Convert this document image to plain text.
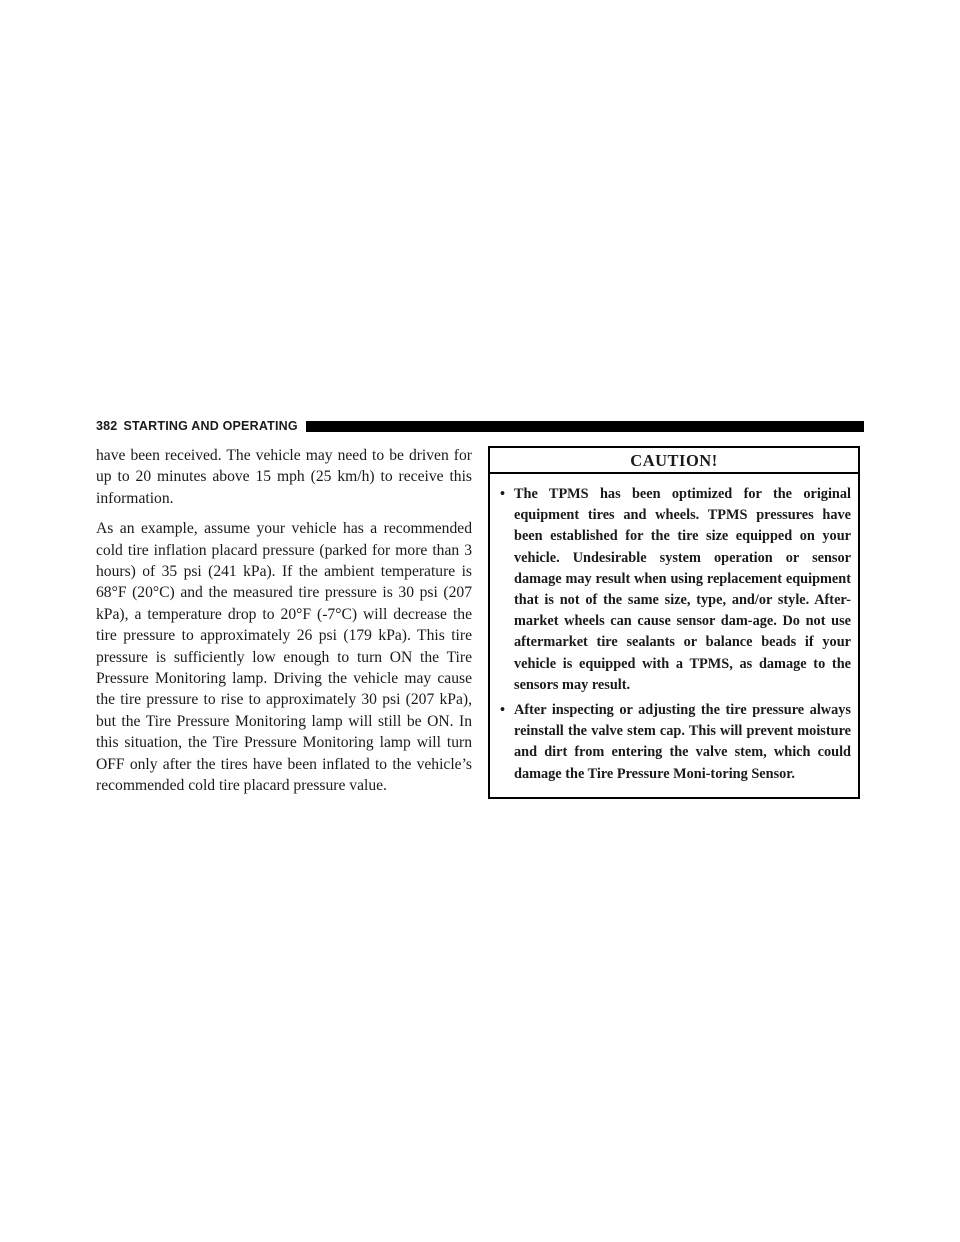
382 STARTING AND OPERATING

have been received. The vehicle may need to be driven for up to 20 minutes above 15 mph (25 km/h) to receive this information.

As an example, assume your vehicle has a recommended cold tire inflation placard pressure (parked for more than 3 hours) of 35 psi (241 kPa). If the ambient temperature is 68°F (20°C) and the measured tire pressure is 30 psi (207 kPa), a temperature drop to 20°F (-7°C) will decrease the tire pressure to approximately 26 psi (179 kPa). This tire pressure is sufficiently low enough to turn ON the Tire Pressure Monitoring lamp. Driving the vehicle may cause the tire pressure to rise to approximately 30 psi (207 kPa), but the Tire Pressure Monitoring lamp will still be ON. In this situation, the Tire Pressure Monitoring lamp will turn OFF only after the tires have been inflated to the vehicle’s recommended cold tire placard pressure value.

CAUTION!
• The TPMS has been optimized for the original equipment tires and wheels. TPMS pressures have been established for the tire size equipped on your vehicle. Undesirable system operation or sensor damage may result when using replacement equipment that is not of the same size, type, and/or style. After-market wheels can cause sensor dam-age. Do not use aftermarket tire sealants or balance beads if your vehicle is equipped with a TPMS, as damage to the sensors may result.
• After inspecting or adjusting the tire pressure always reinstall the valve stem cap. This will prevent moisture and dirt from entering the valve stem, which could damage the Tire Pressure Moni-toring Sensor.
